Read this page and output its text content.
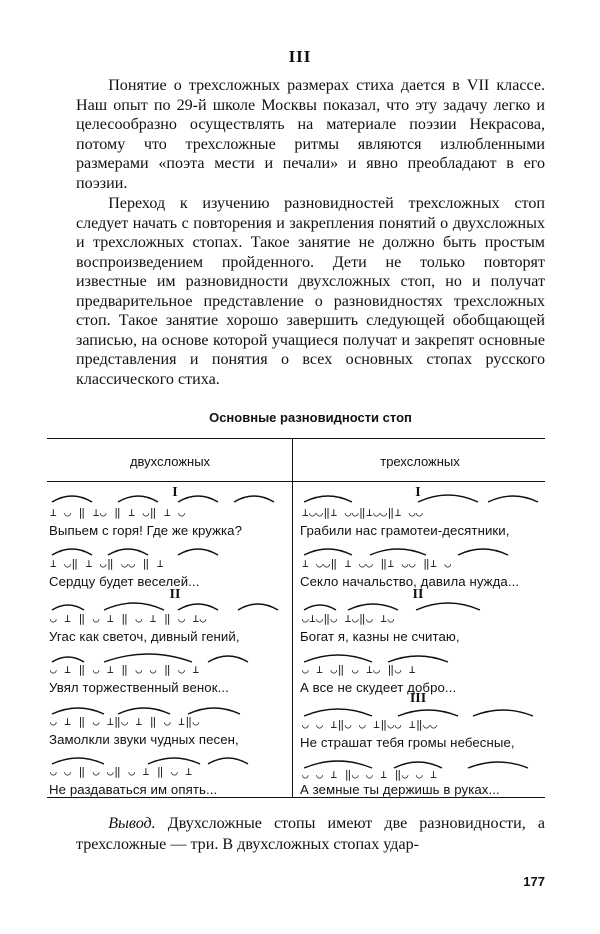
III

Понятие о трехсложных размерах стиха дается в VII классе. Наш опыт по 29-й школе Москвы показал, что эту задачу легко и целесообразно осуществлять на материале поэзии Некрасова, потому что трехсложные ритмы являются излюбленными размерами «поэта мести и печали» и явно преобладают в его поэзии.

Переход к изучению разновидностей трехсложных стоп следует начать с повторения и закрепления понятий о двухсложных и трехсложных стопах. Такое занятие не должно быть простым воспроизведением пройденного. Дети не только повторят известные им разновидности двухсложных стоп, но и получат предварительное представление о разновидностях трехсложных стоп. Такое занятие хорошо завершить следующей обобщающей записью, на основе которой учащиеся получат и закрепят основные представления и понятия о всех основных стопах русского классического стиха.

Основные разновидности стоп
двухсложных	трехсложных
I
⊥ ◡ ‖ ⊥◡ ‖ ⊥ ◡‖ ⊥ ◡
Выпьем с горя! Где же кружка?
⊥ ◡‖ ⊥ ◡‖ ◡◡ ‖ ⊥
Сердцу будет веселей...
II
◡ ⊥ ‖ ◡ ⊥ ‖ ◡ ⊥ ‖ ◡ ⊥◡
Угас как светоч, дивный гений,
◡ ⊥ ‖ ◡ ⊥ ‖ ◡ ◡ ‖ ◡ ⊥
Увял торжественный венок...
◡ ⊥ ‖ ◡ ⊥‖◡ ⊥ ‖ ◡ ⊥‖◡
Замолкли звуки чудных песен,
◡ ◡ ‖ ◡ ◡‖ ◡ ⊥ ‖ ◡ ⊥
Не раздаваться им опять...
I
⊥◡◡‖⊥ ◡◡‖⊥◡◡‖⊥ ◡◡
Грабили нас грамотеи-десятники,
⊥ ◡◡‖ ⊥ ◡◡ ‖⊥ ◡◡ ‖⊥ ◡
Секло начальство, давила нужда...
II
◡⊥◡‖◡ ⊥◡‖◡ ⊥◡
Богат я, казны не считаю,
◡ ⊥ ◡‖ ◡ ⊥◡ ‖◡ ⊥
А все не скудеет добро...
III
◡ ◡ ⊥‖◡ ◡ ⊥‖◡◡ ⊥‖◡◡
Не страшат тебя громы небесные,
◡ ◡ ⊥ ‖◡ ◡ ⊥ ‖◡ ◡ ⊥
А земные ты держишь в руках...

Вывод. Двухсложные стопы имеют две разновидности, а трехсложные — три. В двухсложных стопах удар-

177
